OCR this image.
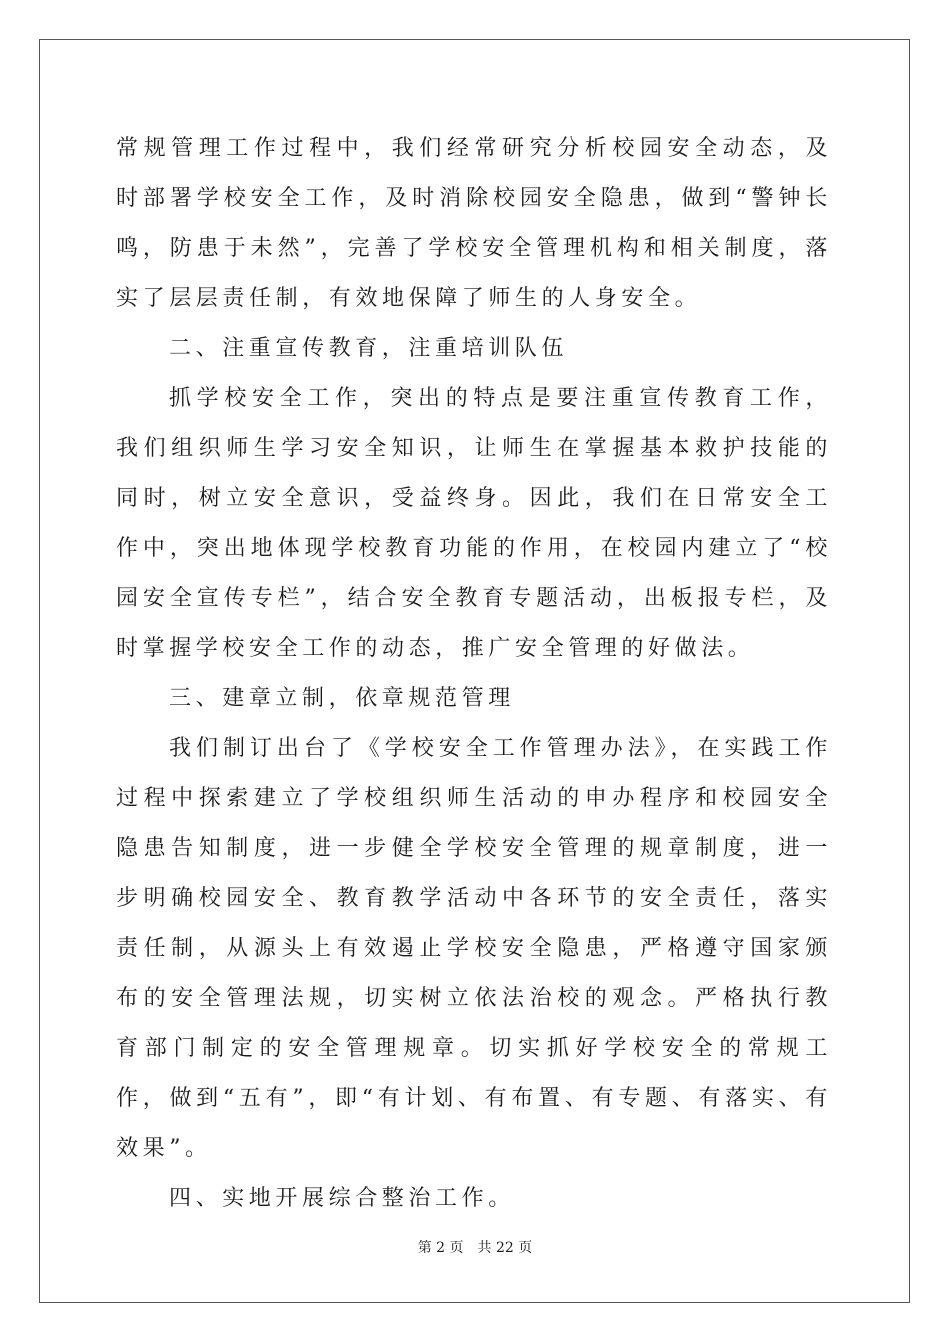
常规管理工作过程中，我们经常研究分析校园安全动态，及时部署学校安全工作，及时消除校园安全隐患，做到“警钟长鸣，防患于未然”，完善了学校安全管理机构和相关制度，落实了层层责任制，有效地保障了师生的人身安全。

二、注重宣传教育，注重培训队伍

抓学校安全工作，突出的特点是要注重宣传教育工作，我们组织师生学习安全知识，让师生在掌握基本救护技能的同时，树立安全意识，受益终身。因此，我们在日常安全工作中，突出地体现学校教育功能的作用，在校园内建立了“校园安全宣传专栏”，结合安全教育专题活动，出板报专栏，及时掌握学校安全工作的动态，推广安全管理的好做法。

三、建章立制，依章规范管理

我们制订出台了《学校安全工作管理办法》，在实践工作过程中探索建立了学校组织师生活动的申办程序和校园安全隐患告知制度，进一步健全学校安全管理的规章制度，进一步明确校园安全、教育教学活动中各环节的安全责任，落实责任制，从源头上有效遏止学校安全隐患，严格遵守国家颁布的安全管理法规，切实树立依法治校的观念。严格执行教育部门制定的安全管理规章。切实抓好学校安全的常规工作，做到“五有”，即“有计划、有布置、有专题、有落实、有效果”。

四、实地开展综合整治工作。

第 2 页 共 22 页
